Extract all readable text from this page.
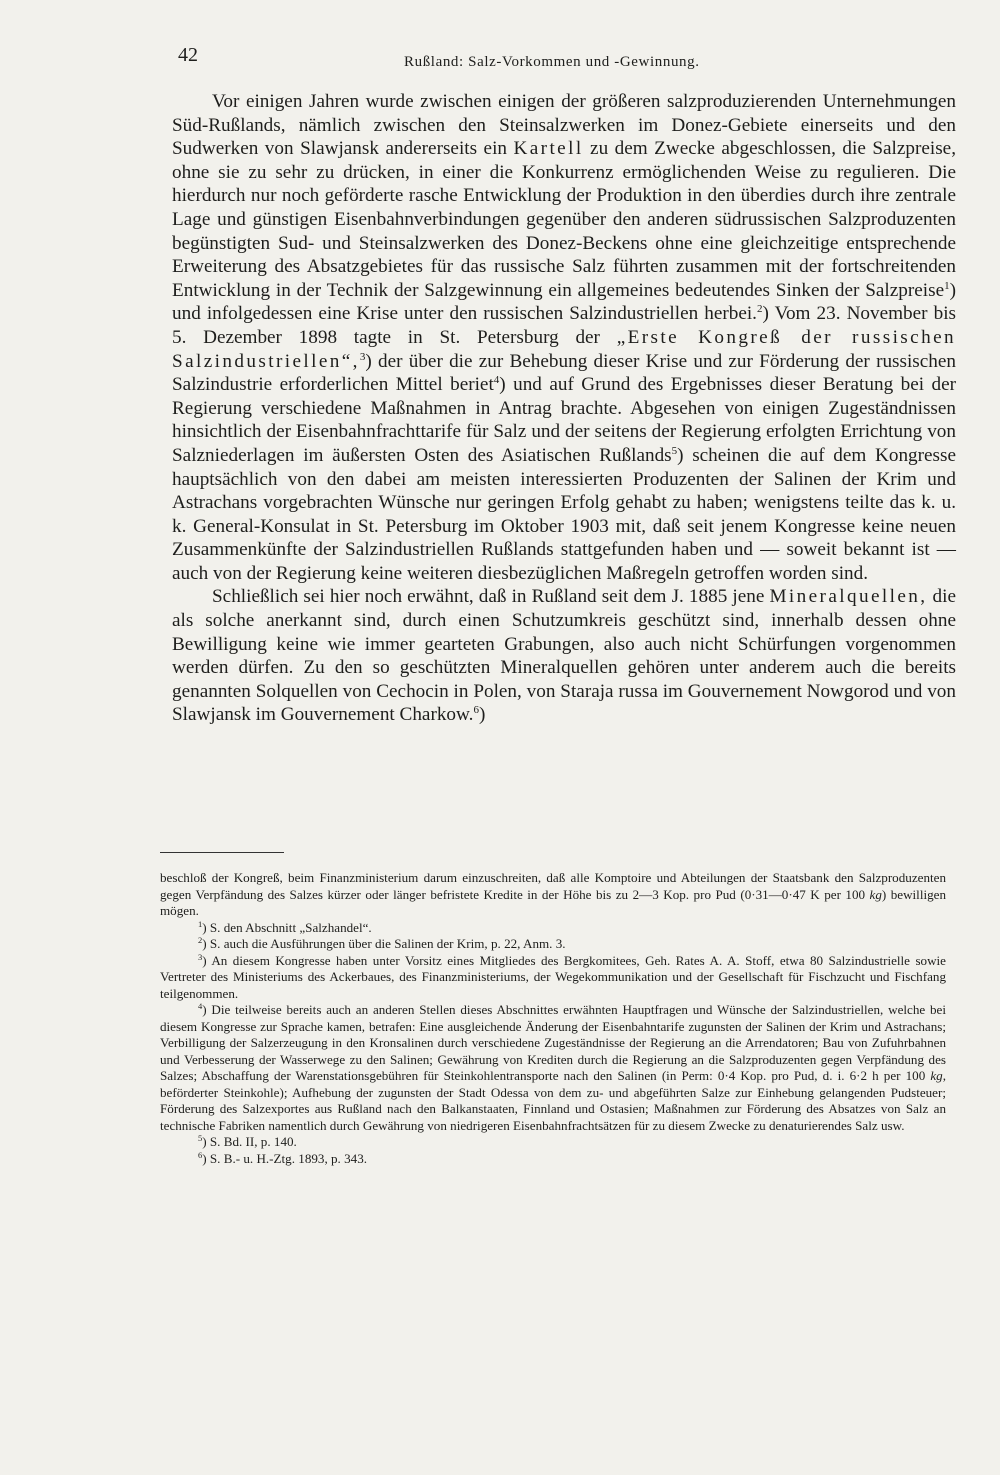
42	Rußland: Salz-Vorkommen und -Gewinnung.

Vor einigen Jahren wurde zwischen einigen der größeren salzproduzierenden Unternehmungen Süd-Rußlands, nämlich zwischen den Steinsalzwerken im Donez-Gebiete einerseits und den Sudwerken von Slawjansk andererseits ein Kartell zu dem Zwecke abgeschlossen, die Salzpreise, ohne sie zu sehr zu drücken, in einer die Konkurrenz ermöglichenden Weise zu regulieren. Die hierdurch nur noch geförderte rasche Entwicklung der Produktion in den überdies durch ihre zentrale Lage und günstigen Eisenbahnverbindungen gegenüber den anderen südrussischen Salzproduzenten begünstigten Sud- und Steinsalzwerken des Donez-Beckens ohne eine gleichzeitige entsprechende Erweiterung des Absatzgebietes für das russische Salz führten zusammen mit der fortschreitenden Entwicklung in der Technik der Salzgewinnung ein allgemeines bedeutendes Sinken der Salzpreise$^1$) und infolgedessen eine Krise unter den russischen Salzindustriellen herbei.$^2$) Vom 23. November bis 5. Dezember 1898 tagte in St. Petersburg der „Erste Kongreß der russischen Salzindustriellen“,$^3$) der über die zur Behebung dieser Krise und zur Förderung der russischen Salzindustrie erforderlichen Mittel beriet$^4$) und auf Grund des Ergebnisses dieser Beratung bei der Regierung verschiedene Maßnahmen in Antrag brachte. Abgesehen von einigen Zugeständnissen hinsichtlich der Eisenbahnfrachttarife für Salz und der seitens der Regierung erfolgten Errichtung von Salzniederlagen im äußersten Osten des Asiatischen Rußlands$^5$) scheinen die auf dem Kongresse hauptsächlich von den dabei am meisten interessierten Produzenten der Salinen der Krim und Astrachans vorgebrachten Wünsche nur geringen Erfolg gehabt zu haben; wenigstens teilte das k. u. k. General-Konsulat in St. Petersburg im Oktober 1903 mit, daß seit jenem Kongresse keine neuen Zusammenkünfte der Salzindustriellen Rußlands stattgefunden haben und — soweit bekannt ist — auch von der Regierung keine weiteren diesbezüglichen Maßregeln getroffen worden sind.

Schließlich sei hier noch erwähnt, daß in Rußland seit dem J. 1885 jene Mineralquellen, die als solche anerkannt sind, durch einen Schutzumkreis geschützt sind, innerhalb dessen ohne Bewilligung keine wie immer gearteten Grabungen, also auch nicht Schürfungen vorgenommen werden dürfen. Zu den so geschützten Mineralquellen gehören unter anderem auch die bereits genannten Solquellen von Cechocin in Polen, von Staraja russa im Gouvernement Nowgorod und von Slawjansk im Gouvernement Charkow.$^6$)

beschloß der Kongreß, beim Finanzministerium darum einzuschreiten, daß alle Komptoire und Abteilungen der Staatsbank den Salzproduzenten gegen Verpfändung des Salzes kürzer oder länger befristete Kredite in der Höhe bis zu 2—3 Kop. pro Pud (0·31—0·47 K per 100 kg) bewilligen mögen.

$^1$) S. den Abschnitt „Salzhandel“.

$^2$) S. auch die Ausführungen über die Salinen der Krim, p. 22, Anm. 3.

$^3$) An diesem Kongresse haben unter Vorsitz eines Mitgliedes des Bergkomitees, Geh. Rates A. A. Stoff, etwa 80 Salzindustrielle sowie Vertreter des Ministeriums des Ackerbaues, des Finanzministeriums, der Wegekommunikation und der Gesellschaft für Fischzucht und Fischfang teilgenommen.

$^4$) Die teilweise bereits auch an anderen Stellen dieses Abschnittes erwähnten Hauptfragen und Wünsche der Salzindustriellen, welche bei diesem Kongresse zur Sprache kamen, betrafen: Eine ausgleichende Änderung der Eisenbahntarife zugunsten der Salinen der Krim und Astrachans; Verbilligung der Salzerzeugung in den Kronsalinen durch verschiedene Zugeständnisse der Regierung an die Arrendatoren; Bau von Zufuhrbahnen und Verbesserung der Wasserwege zu den Salinen; Gewährung von Krediten durch die Regierung an die Salzproduzenten gegen Verpfändung des Salzes; Abschaffung der Warenstationsgebühren für Steinkohlentransporte nach den Salinen (in Perm: 0·4 Kop. pro Pud, d. i. 6·2 h per 100 kg, beförderter Steinkohle); Aufhebung der zugunsten der Stadt Odessa von dem zu- und abgeführten Salze zur Einhebung gelangenden Pudsteuer; Förderung des Salzexportes aus Rußland nach den Balkanstaaten, Finnland und Ostasien; Maßnahmen zur Förderung des Absatzes von Salz an technische Fabriken namentlich durch Gewährung von niedrigeren Eisenbahnfrachtsätzen für zu diesem Zwecke zu denaturierendes Salz usw.

$^5$) S. Bd. II, p. 140.

$^6$) S. B.- u. H.-Ztg. 1893, p. 343.
